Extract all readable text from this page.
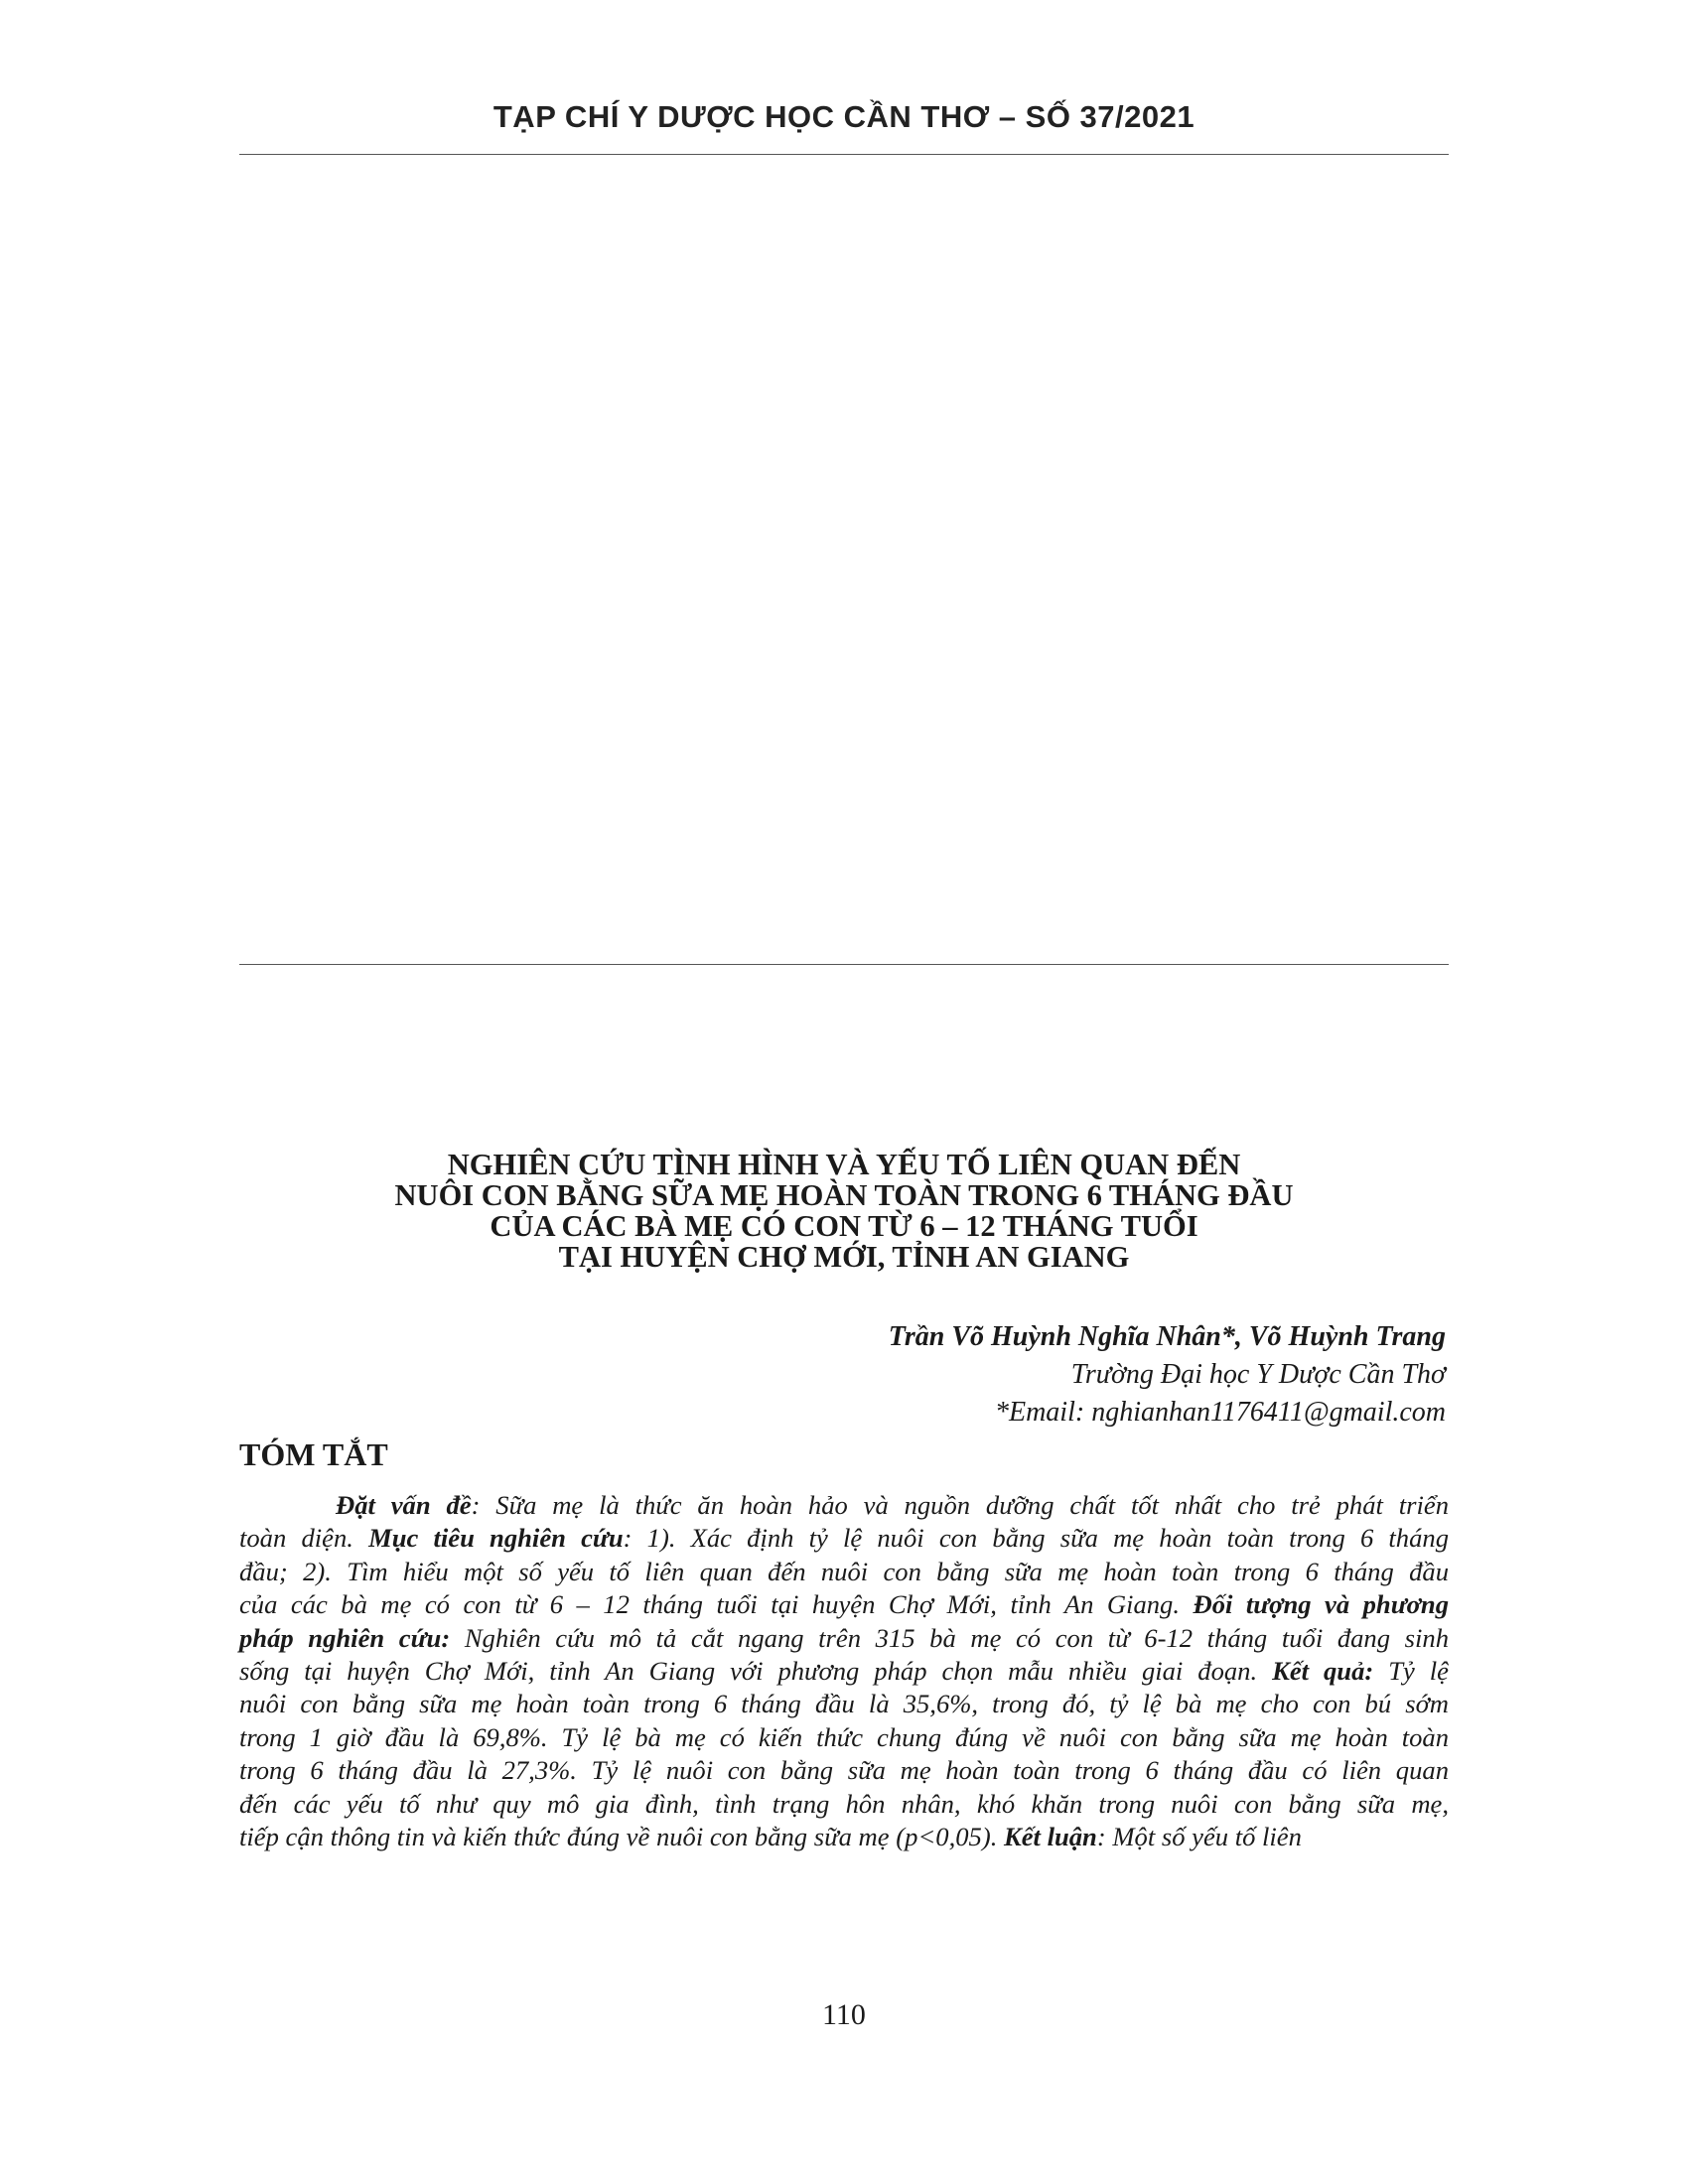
TẠP CHÍ Y DƯỢC HỌC CẦN THƠ – SỐ 37/2021
NGHIÊN CỨU TÌNH HÌNH VÀ YẾU TỐ LIÊN QUAN ĐẾN
NUÔI CON BẰNG SỮA MẸ HOÀN TOÀN TRONG 6 THÁNG ĐẦU
CỦA CÁC BÀ MẸ CÓ CON TỪ 6 – 12 THÁNG TUỔI
TẠI HUYỆN CHỢ MỚI, TỈNH AN GIANG
Trần Võ Huỳnh Nghĩa Nhân*, Võ Huỳnh Trang
Trường Đại học Y Dược Cần Thơ
*Email: nghianhan1176411@gmail.com
TÓM TẮT
Đặt vấn đề: Sữa mẹ là thức ăn hoàn hảo và nguồn dưỡng chất tốt nhất cho trẻ phát triển
toàn diện. Mục tiêu nghiên cứu: 1). Xác định tỷ lệ nuôi con bằng sữa mẹ hoàn toàn trong 6 tháng
đầu; 2). Tìm hiểu một số yếu tố liên quan đến nuôi con bằng sữa mẹ hoàn toàn trong 6 tháng đầu
của các bà mẹ có con từ 6 – 12 tháng tuổi tại huyện Chợ Mới, tỉnh An Giang. Đối tượng và phương
pháp nghiên cứu: Nghiên cứu mô tả cắt ngang trên 315 bà mẹ có con từ 6-12 tháng tuổi đang sinh
sống tại huyện Chợ Mới, tỉnh An Giang với phương pháp chọn mẫu nhiều giai đoạn. Kết quả: Tỷ lệ
nuôi con bằng sữa mẹ hoàn toàn trong 6 tháng đầu là 35,6%, trong đó, tỷ lệ bà mẹ cho con bú sớm
trong 1 giờ đầu là 69,8%. Tỷ lệ bà mẹ có kiến thức chung đúng về nuôi con bằng sữa mẹ hoàn toàn
trong 6 tháng đầu là 27,3%. Tỷ lệ nuôi con bằng sữa mẹ hoàn toàn trong 6 tháng đầu có liên quan
đến các yếu tố như quy mô gia đình, tình trạng hôn nhân, khó khăn trong nuôi con bằng sữa mẹ,
tiếp cận thông tin và kiến thức đúng về nuôi con bằng sữa mẹ (p<0,05). Kết luận: Một số yếu tố liên
110
